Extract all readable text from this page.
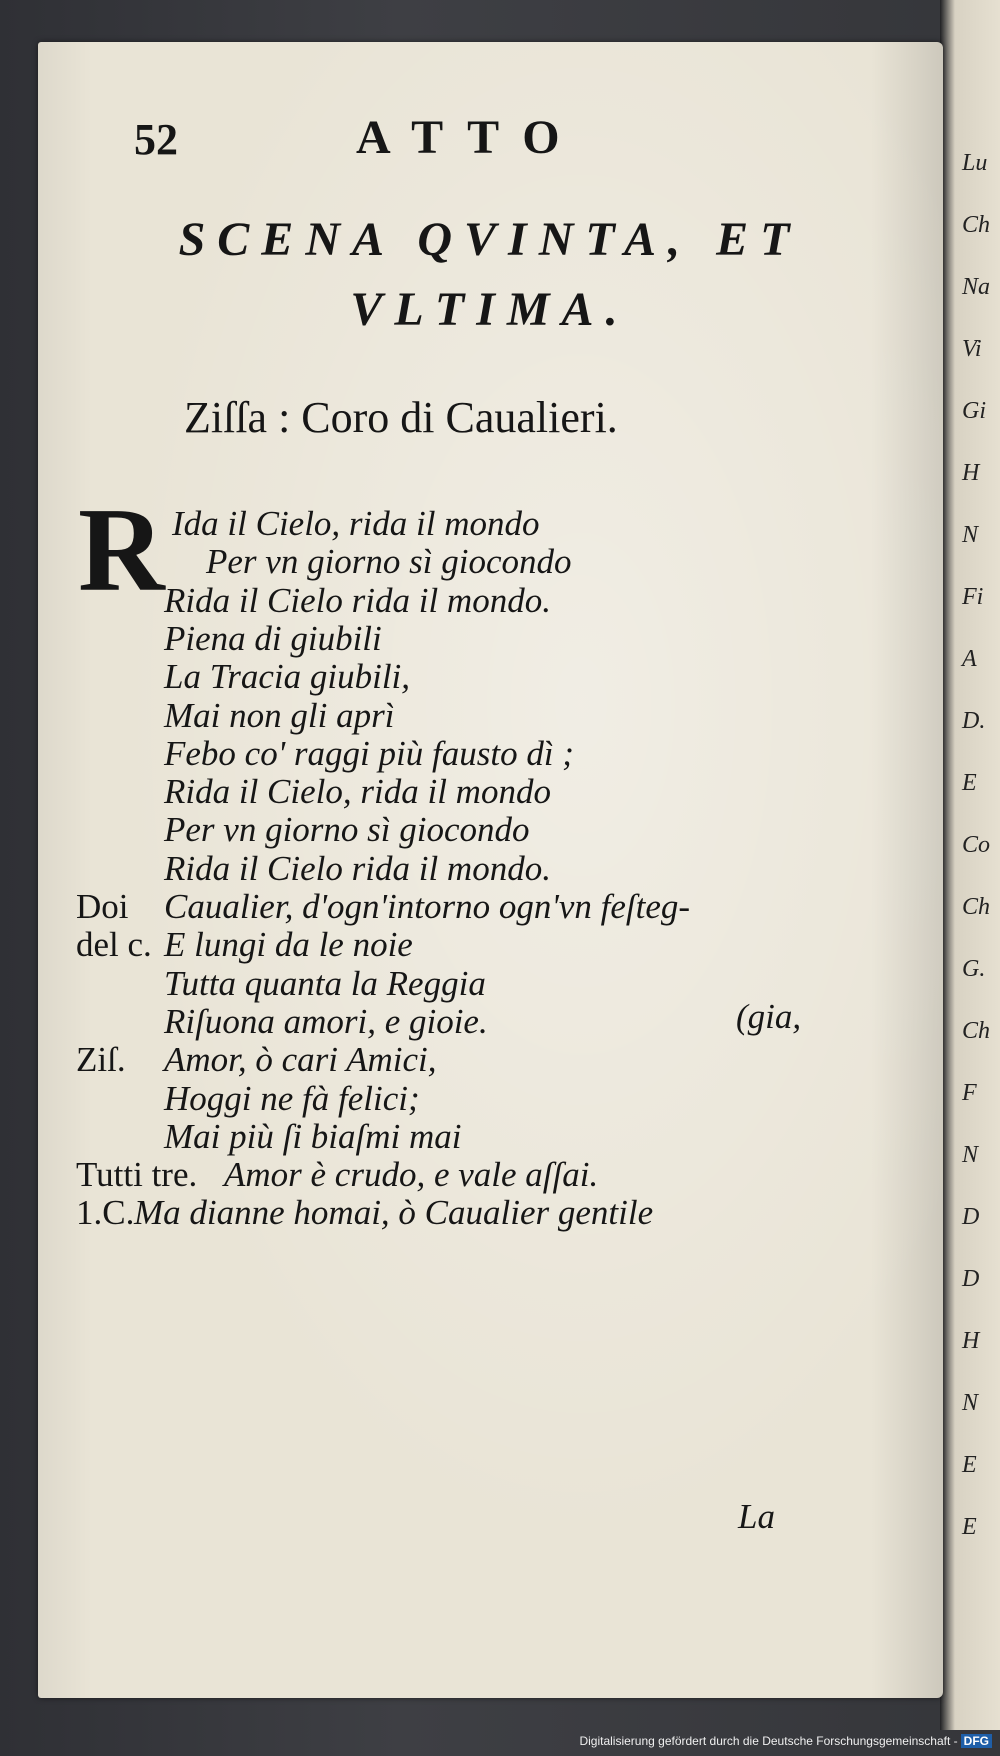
Lu
Ch
Na
Vi
Gi
H
N
Fi
A
D.
E
Co
Ch
G.
Ch
F
N
D
D
H
N
E
E
52	ATTO
SCENA QVINTA, ET
VLTIMA.
Ziſſa : Coro di Caualieri.
R Ida il Cielo, rida il mondo
Per vn giorno sì giocondo
Rida il Cielo rida il mondo.
Piena di giubili
La Tracia giubili,
Mai non gli aprì
Febo co' raggi più fausto dì ;
Rida il Cielo, rida il mondo
Per vn giorno sì giocondo
Rida il Cielo rida il mondo.
Doi Caualier, d'ogn'intorno ogn'vn feſteg-
del c. E lungi da le noie
Tutta quanta la Reggia
Riſuona amori, e gioie.
Ziſ. Amor, ò cari Amici,
Hoggi ne fà felici;
Mai più ſi biaſmi mai
Tutti tre. Amor è crudo, e vale aſſai.
1.C. Ma dianne homai, ò Caualier gentile
(gia,
La
Digitalisierung gefördert durch die Deutsche Forschungsgemeinschaft - DFG
